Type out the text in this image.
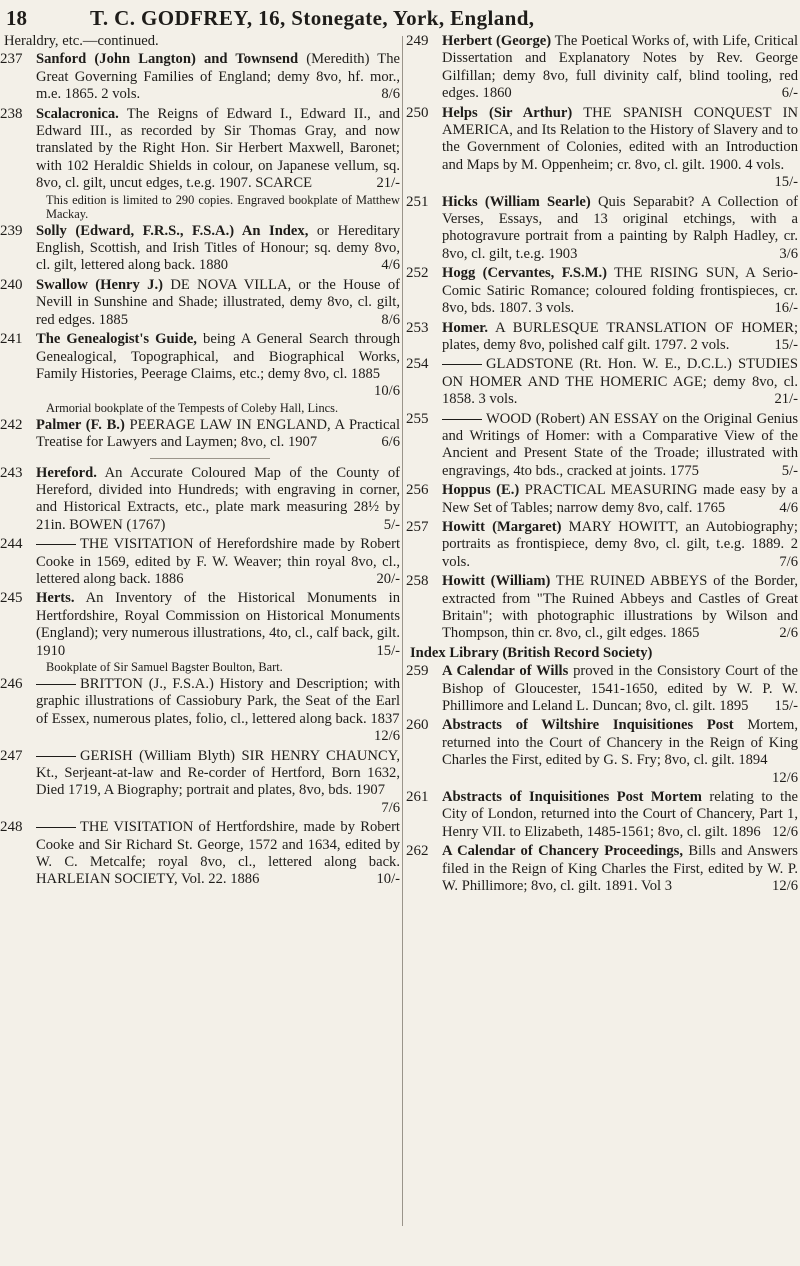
18	T. C. GODFREY, 16, Stonegate, York, England,
Heraldry, etc.—continued.
237 Sanford (John Langton) and Townsend (Meredith) The Great Governing Families of England; demy 8vo, hf. mor., m.e. 1865. 2 vols.	8/6
238 Scalacronica. The Reigns of Edward I., Edward II., and Edward III., as recorded by Sir Thomas Gray, and now translated by the Right Hon. Sir Herbert Maxwell, Baronet; with 102 Heraldic Shields in colour, on Japanese vellum, sq. 8vo, cl. gilt, uncut edges, t.e.g. 1907. SCARCE	21/-
This edition is limited to 290 copies. Engraved bookplate of Matthew Mackay.
239 Solly (Edward, F.R.S., F.S.A.) An Index, or Hereditary English, Scottish, and Irish Titles of Honour; sq. demy 8vo, cl. gilt, lettered along back. 1880	4/6
240 Swallow (Henry J.) DE NOVA VILLA, or the House of Nevill in Sunshine and Shade; illustrated, demy 8vo, cl. gilt, red edges. 1885	8/6
241 The Genealogist's Guide, being A General Search through Genealogical, Topographical, and Biographical Works, Family Histories, Peerage Claims, etc.; demy 8vo, cl. 1885
10/6
Armorial bookplate of the Tempests of Coleby Hall, Lincs.
242 Palmer (F. B.) PEERAGE LAW IN ENGLAND, A Practical Treatise for Lawyers and Laymen; 8vo, cl. 1907	6/6
243 Hereford. An Accurate Coloured Map of the County of Hereford, divided into Hundreds; with engraving in corner, and Historical Extracts, etc., plate mark measuring 28½ by 21in. BOWEN (1767)	5/-
244	THE VISITATION of Herefordshire made by Robert Cooke in 1569, edited by F. W. Weaver; thin royal 8vo, cl., lettered along back. 1886	20/-
245 Herts. An Inventory of the Historical Monuments in Hertfordshire, Royal Commission on Historical Monuments (England); very numerous illustrations, 4to, cl., calf back, gilt. 1910	15/-
Bookplate of Sir Samuel Bagster Boulton, Bart.
246	BRITTON (J., F.S.A.) History and Description; with graphic illustrations of Cassiobury Park, the Seat of the Earl of Essex, numerous plates, folio, cl., lettered along back. 1837
12/6
247	GERISH (William Blyth) SIR HENRY CHAUNCY, Kt., Serjeant-at-law and Re-corder of Hertford, Born 1632, Died 1719, A Biography; portrait and plates, 8vo, bds. 1907
7/6
248	THE VISITATION of Hertfordshire, made by Robert Cooke and Sir Richard St. George, 1572 and 1634, edited by W. C. Metcalfe; royal 8vo, cl., lettered along back. HARLEIAN SOCIETY, Vol. 22. 1886	10/-
249 Herbert (George) The Poetical Works of, with Life, Critical Dissertation and Explanatory Notes by Rev. George Gilfillan; demy 8vo, full divinity calf, blind tooling, red edges. 1860	6/-
250 Helps (Sir Arthur) THE SPANISH CONQUEST IN AMERICA, and Its Relation to the History of Slavery and to the Government of Colonies, edited with an Introduction and Maps by M. Oppenheim; cr. 8vo, cl. gilt. 1900. 4 vols.
15/-
251 Hicks (William Searle) Quis Separabit? A Collection of Verses, Essays, and 13 original etchings, with a photogravure portrait from a painting by Ralph Hadley, cr. 8vo, cl. gilt, t.e.g. 1903	3/6
252 Hogg (Cervantes, F.S.M.) THE RISING SUN, A Serio-Comic Satiric Romance; coloured folding frontispieces, cr. 8vo, bds. 1807. 3 vols.	16/-
253 Homer. A BURLESQUE TRANSLATION OF HOMER; plates, demy 8vo, polished calf gilt. 1797. 2 vols.	15/-
254	GLADSTONE (Rt. Hon. W. E., D.C.L.) STUDIES ON HOMER AND THE HOMERIC AGE; demy 8vo, cl. 1858. 3 vols.	21/-
255	WOOD (Robert) AN ESSAY on the Original Genius and Writings of Homer: with a Comparative View of the Ancient and Present State of the Troade; illustrated with engravings, 4to bds., cracked at joints. 1775	5/-
256 Hoppus (E.) PRACTICAL MEASURING made easy by a New Set of Tables; narrow demy 8vo, calf. 1765	4/6
257 Howitt (Margaret) MARY HOWITT, an Autobiography; portraits as frontispiece, demy 8vo, cl. gilt, t.e.g. 1889. 2 vols.	7/6
258 Howitt (William) THE RUINED ABBEYS of the Border, extracted from "The Ruined Abbeys and Castles of Great Britain"; with photographic illustrations by Wilson and Thompson, thin cr. 8vo, cl., gilt edges. 1865	2/6
Index Library (British Record Society)
259 A Calendar of Wills proved in the Consistory Court of the Bishop of Gloucester, 1541-1650, edited by W. P. W. Phillimore and Leland L. Duncan; 8vo, cl. gilt. 1895	15/-
260 Abstracts of Wiltshire Inquisitiones Post Mortem, returned into the Court of Chancery in the Reign of King Charles the First, edited by G. S. Fry; 8vo, cl. gilt. 1894
12/6
261 Abstracts of Inquisitiones Post Mortem relating to the City of London, returned into the Court of Chancery, Part 1, Henry VII. to Elizabeth, 1485-1561; 8vo, cl. gilt. 1896 12/6
262 A Calendar of Chancery Proceedings, Bills and Answers filed in the Reign of King Charles the First, edited by W. P. W. Phillimore; 8vo, cl. gilt. 1891. Vol 3	12/6
